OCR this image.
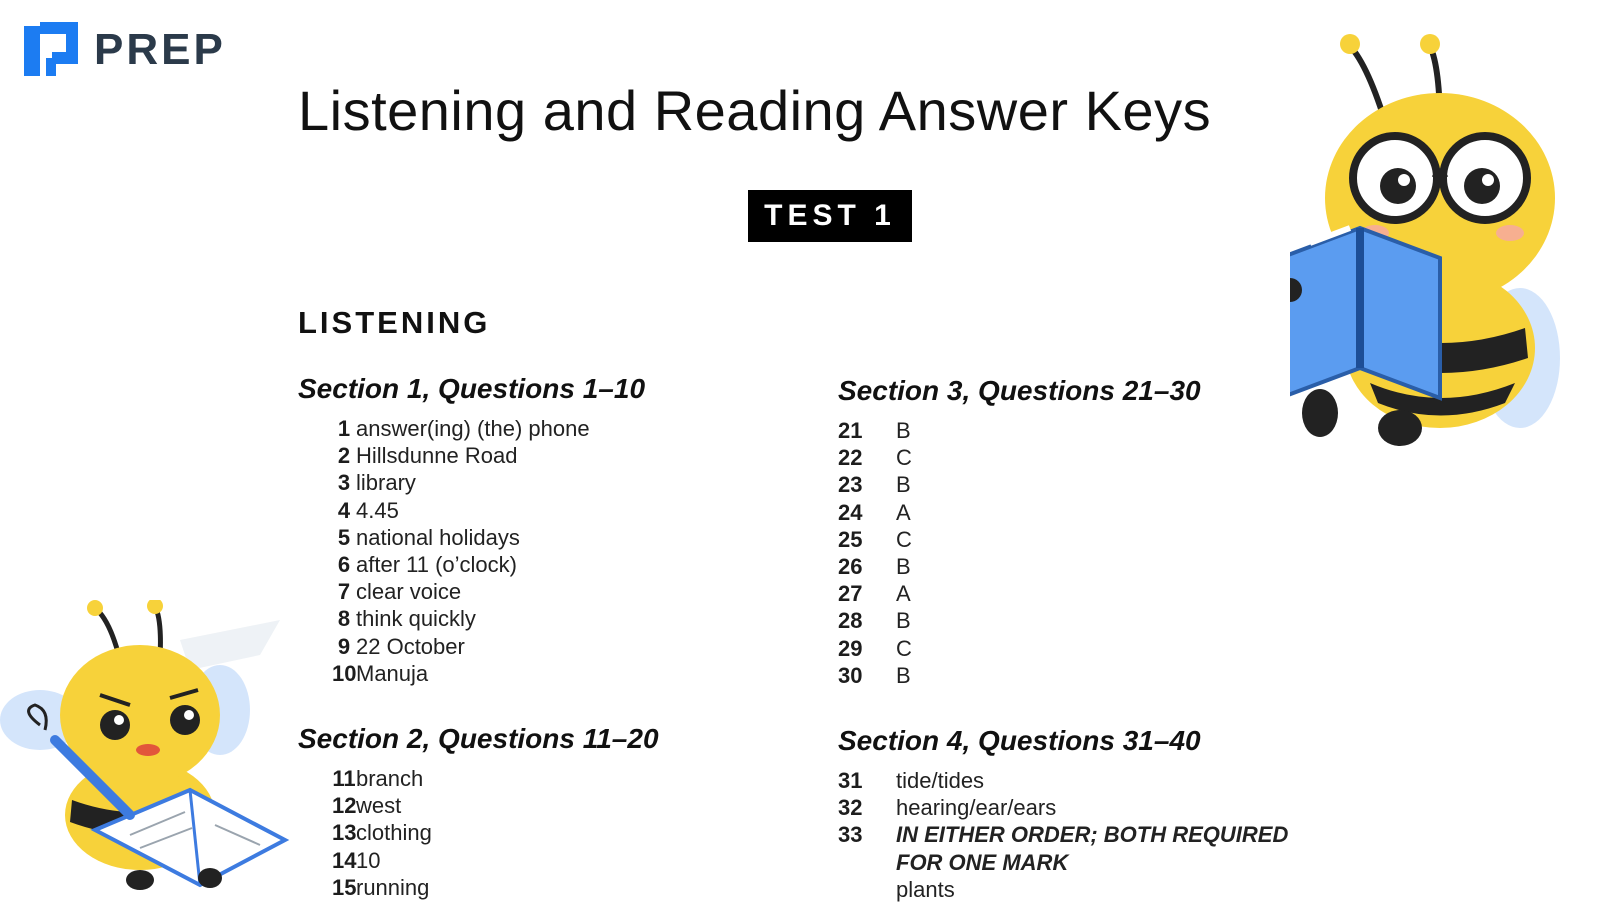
PREP
Listening and Reading Answer Keys
TEST 1
LISTENING
Section 1, Questions 1–10
1 answer(ing) (the) phone
2 Hillsdunne Road
3 library
4 4.45
5 national holidays
6 after 11 (o’clock)
7 clear voice
8 think quickly
9 22 October
10 Manuja
Section 2, Questions 11–20
11 branch
12 west
13 clothing
14 10
15 running
Section 3, Questions 21–30
21	B
22	C
23	B
24	A
25	C
26	B
27	A
28	B
29	C
30	B
Section 4, Questions 31–40
31	tide/tides
32	hearing/ear/ears
33	IN EITHER ORDER; BOTH REQUIRED
FOR ONE MARK
plants
